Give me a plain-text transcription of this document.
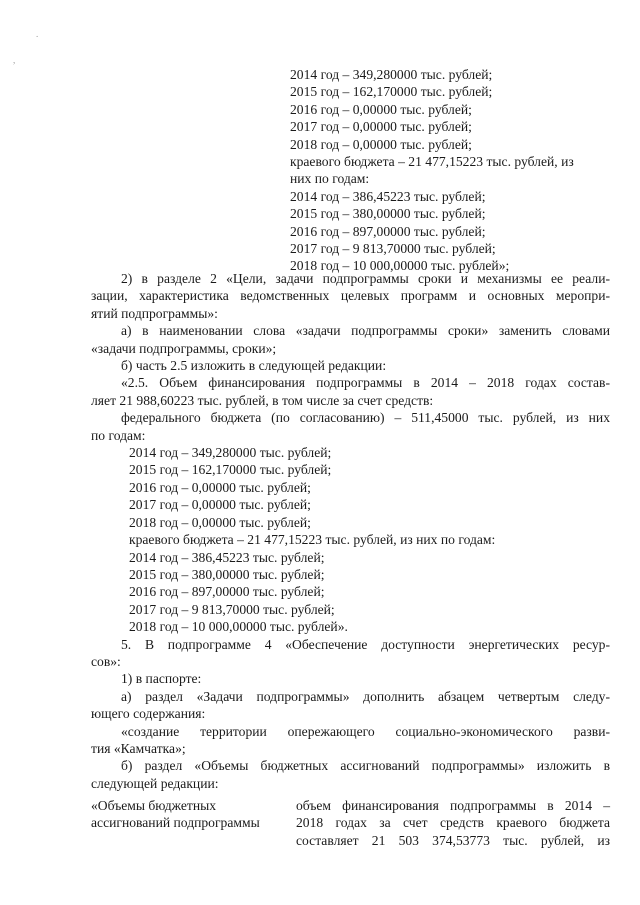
.
,
2014 год – 349,280000 тыс. рублей;
2015 год – 162,170000 тыс. рублей;
2016 год – 0,00000 тыс. рублей;
2017 год – 0,00000 тыс. рублей;
2018 год – 0,00000 тыс. рублей;
краевого бюджета – 21 477,15223 тыс. рублей, из
них по годам:
2014 год – 386,45223 тыс. рублей;
2015 год – 380,00000 тыс. рублей;
2016 год – 897,00000 тыс. рублей;
2017 год – 9 813,70000 тыс. рублей;
2018 год – 10 000,00000 тыс. рублей»;
2) в разделе 2 «Цели, задачи подпрограммы сроки и механизмы ее реали-
зации, характеристика ведомственных целевых программ и основных меропри-
ятий подпрограммы»:
а) в наименовании слова «задачи подпрограммы сроки» заменить словами
«задачи подпрограммы, сроки»;
б) часть 2.5 изложить в следующей редакции:
«2.5. Объем финансирования подпрограммы в 2014 – 2018 годах состав-
ляет 21 988,60223 тыс. рублей, в том числе за счет средств:
федерального бюджета (по согласованию) – 511,45000 тыс. рублей, из них
по годам:
2014 год – 349,280000 тыс. рублей;
2015 год – 162,170000 тыс. рублей;
2016 год – 0,00000 тыс. рублей;
2017 год – 0,00000 тыс. рублей;
2018 год – 0,00000 тыс. рублей;
краевого бюджета – 21 477,15223 тыс. рублей, из них по годам:
2014 год – 386,45223 тыс. рублей;
2015 год – 380,00000 тыс. рублей;
2016 год – 897,00000 тыс. рублей;
2017 год – 9 813,70000 тыс. рублей;
2018 год – 10 000,00000 тыс. рублей».
5. В подпрограмме 4 «Обеспечение доступности энергетических ресур-
сов»:
1) в паспорте:
а) раздел «Задачи подпрограммы» дополнить абзацем четвертым следу-
ющего содержания:
«создание территории опережающего социально-экономического разви-
тия «Камчатка»;
б) раздел «Объемы бюджетных ассигнований подпрограммы» изложить в
следующей редакции:
«Объемы бюджетных
ассигнований подпрограммы
объем финансирования подпрограммы в 2014 –
2018 годах за счет средств краевого бюджета
составляет 21 503 374,53773 тыс. рублей, из
